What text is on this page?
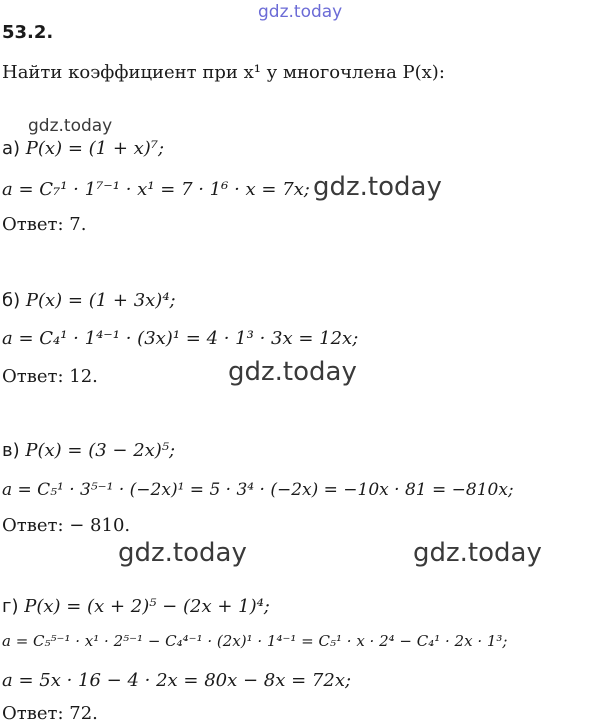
gdz.today
53.2.
Найти коэффициент при x¹ у многочлена P(x):
gdz.today
а) P(x) = (1 + x)⁷;
a = C₇¹ · 1⁷⁻¹ · x¹ = 7 · 1⁶ · x = 7x; gdz.today
Ответ: 7.
б) P(x) = (1 + 3x)⁴;
a = C₄¹ · 1⁴⁻¹ · (3x)¹ = 4 · 1³ · 3x = 12x;
Ответ: 12.	gdz.today
в) P(x) = (3 − 2x)⁵;
a = C₅¹ · 3⁵⁻¹ · (−2x)¹ = 5 · 3⁴ · (−2x) = −10x · 81 = −810x;
Ответ: − 810.
gdz.today	gdz.today
г) P(x) = (x + 2)⁵ − (2x + 1)⁴;
a = C₅⁵⁻¹ · x¹ · 2⁵⁻¹ − C₄⁴⁻¹ · (2x)¹ · 1⁴⁻¹ = C₅¹ · x · 2⁴ − C₄¹ · 2x · 1³;
a = 5x · 16 − 4 · 2x = 80x − 8x = 72x;
Ответ: 72.
